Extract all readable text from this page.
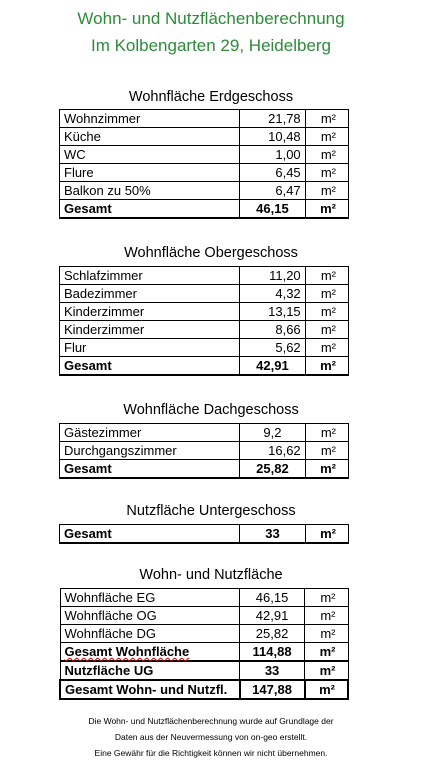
Wohn- und Nutzflächenberechnung
Im Kolbengarten 29, Heidelberg
Wohnfläche Erdgeschoss
Wohnzimmer	21,78	m²
Küche	10,48	m²
WC	1,00	m²
Flure	6,45	m²
Balkon zu 50%	6,47	m²
Gesamt	46,15	m²
Wohnfläche Obergeschoss
Schlafzimmer	11,20	m²
Badezimmer	4,32	m²
Kinderzimmer	13,15	m²
Kinderzimmer	8,66	m²
Flur	5,62	m²
Gesamt	42,91	m²
Wohnfläche Dachgeschoss
Gästezimmer	9,2	m²
Durchgangszimmer	16,62	m²
Gesamt	25,82	m²
Nutzfläche Untergeschoss
Gesamt	33	m²
Wohn- und Nutzfläche
Wohnfläche EG	46,15	m²
Wohnfläche OG	42,91	m²
Wohnfläche DG	25,82	m²
Gesamt Wohnfläche	114,88	m²
Nutzfläche UG	33	m²
Gesamt Wohn- und Nutzfl.	147,88	m²
Die Wohn- und Nutzflächenberechnung wurde auf Grundlage der
Daten aus der Neuvermessung von on-geo erstellt.
Eine Gewähr für die Richtigkeit können wir nicht übernehmen.
